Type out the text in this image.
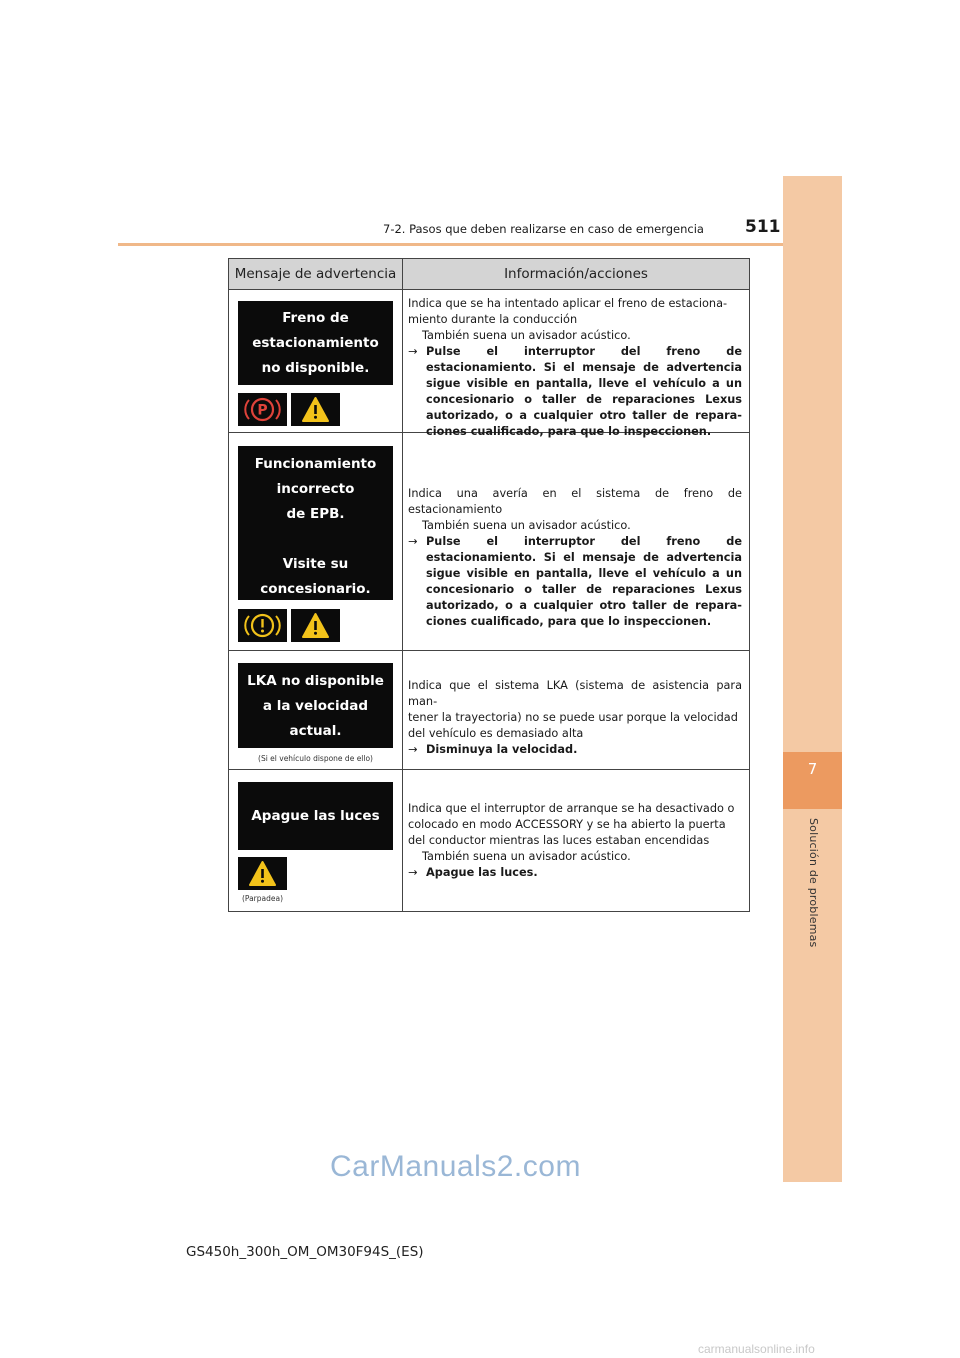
7
Solución de problemas
7-2. Pasos que deben realizarse en caso de emergencia 511
Mensaje de advertencia	Información/acciones
Freno de
estacionamiento
no disponible.
P
Indica que se ha intentado aplicar el freno de estaciona-
miento durante la conducción
También suena un avisador acústico.
→ Pulse el interruptor del freno de estacionamiento. Si el mensaje de advertencia sigue visible en pantalla, lleve el vehículo a un concesionario o taller de reparaciones Lexus autorizado, o a cualquier otro taller de repara- ciones cualificado, para que lo inspeccionen.
Funcionamiento
incorrecto
de EPB.
Visite su
concesionario.
Indica una avería en el sistema de freno de estacionamiento
También suena un avisador acústico.
→ Pulse el interruptor del freno de estacionamiento. Si el mensaje de advertencia sigue visible en pantalla, lleve el vehículo a un concesionario o taller de reparaciones Lexus autorizado, o a cualquier otro taller de repara- ciones cualificado, para que lo inspeccionen.
LKA no disponible
a la velocidad
actual.
(Si el vehículo dispone de ello)
Indica que el sistema LKA (sistema de asistencia para man-
tener la trayectoria) no se puede usar porque la velocidad
del vehículo es demasiado alta
→ Disminuya la velocidad.
Apague las luces
(Parpadea)
Indica que el interruptor de arranque se ha desactivado o
colocado en modo ACCESSORY y se ha abierto la puerta
del conductor mientras las luces estaban encendidas
También suena un avisador acústico.
→ Apague las luces.
GS450h_300h_OM_OM30F94S_(ES)
CarManuals2.com
carmanualsonline.info
